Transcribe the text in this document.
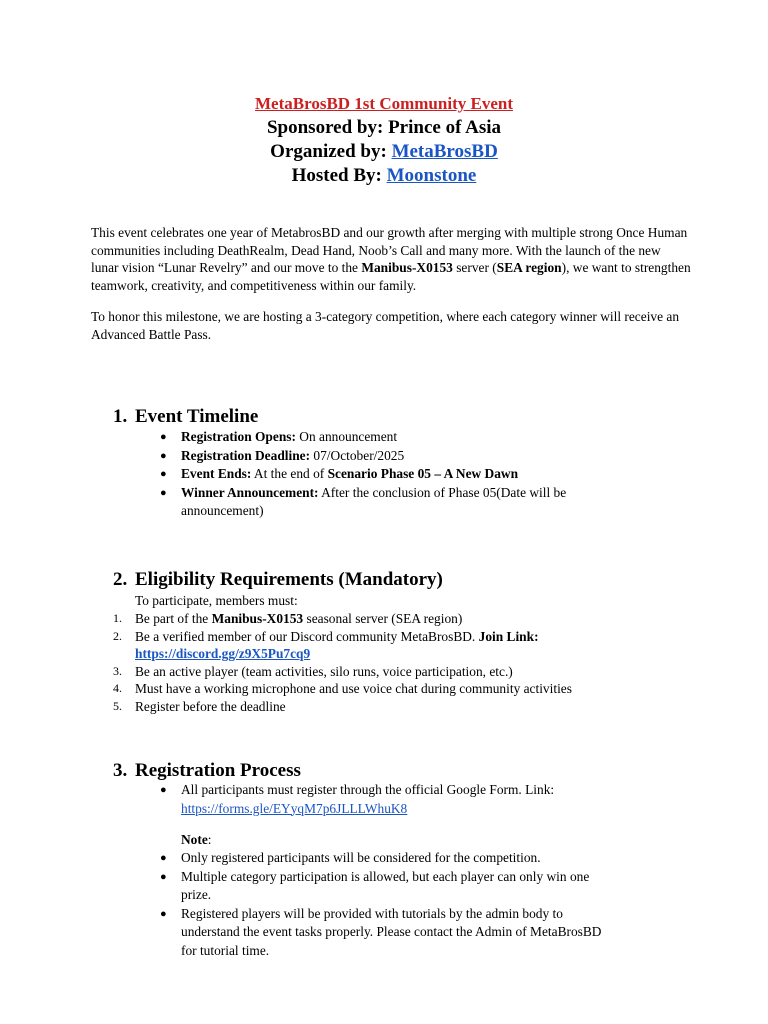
MetaBrosBD 1st Community Event
Sponsored by: Prince of Asia
Organized by: MetaBrosBD
Hosted By: Moonstone
This event celebrates one year of MetabrosBD and our growth after merging with multiple strong Once Human communities including DeathRealm, Dead Hand, Noob’s Call and many more. With the launch of the new lunar vision “Lunar Revelry” and our move to the Manibus-X0153 server (SEA region), we want to strengthen teamwork, creativity, and competitiveness within our family.
To honor this milestone, we are hosting a 3-category competition, where each category winner will receive an Advanced Battle Pass.
1. Event Timeline
● Registration Opens: On announcement
● Registration Deadline: 07/October/2025
● Event Ends: At the end of Scenario Phase 05 – A New Dawn
● Winner Announcement: After the conclusion of Phase 05(Date will be announcement)
2. Eligibility Requirements (Mandatory)
To participate, members must:
1. Be part of the Manibus-X0153 seasonal server (SEA region)
2. Be a verified member of our Discord community MetaBrosBD. Join Link:
https://discord.gg/z9X5Pu7cq9
3. Be an active player (team activities, silo runs, voice participation, etc.)
4. Must have a working microphone and use voice chat during community activities
5. Register before the deadline
3. Registration Process
● All participants must register through the official Google Form. Link:
https://forms.gle/EYyqM7p6JLLLWhuK8
Note:
● Only registered participants will be considered for the competition.
● Multiple category participation is allowed, but each player can only win one prize.
● Registered players will be provided with tutorials by the admin body to understand the event tasks properly. Please contact the Admin of MetaBrosBD for tutorial time.
